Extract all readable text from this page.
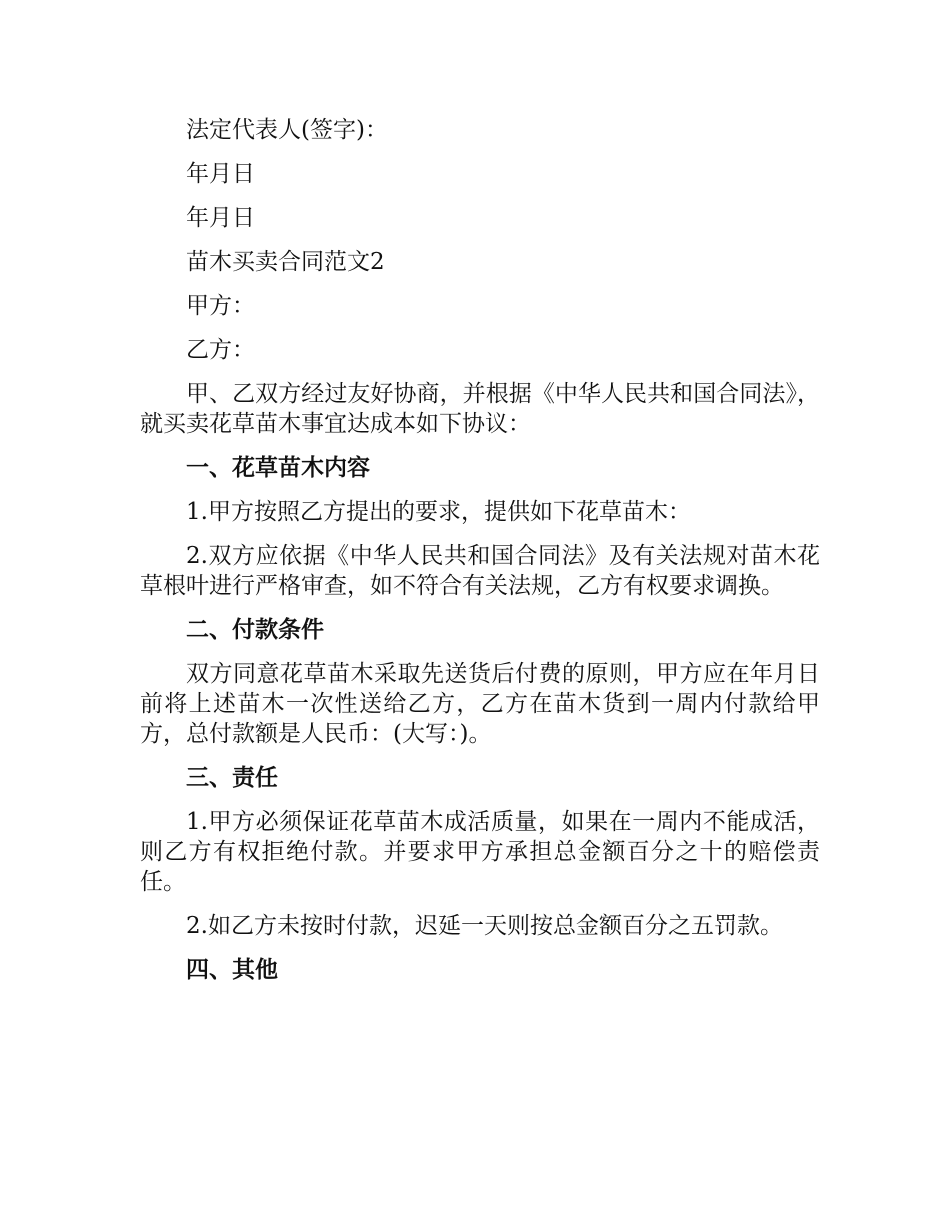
法定代表人(签字)：

年月日

年月日

苗木买卖合同范文2

甲方：

乙方：

甲、乙双方经过友好协商，并根据《中华人民共和国合同法》，就买卖花草苗木事宜达成本如下协议：

一、花草苗木内容

1.甲方按照乙方提出的要求，提供如下花草苗木：

2.双方应依据《中华人民共和国合同法》及有关法规对苗木花草根叶进行严格审查，如不符合有关法规，乙方有权要求调换。

二、付款条件

双方同意花草苗木采取先送货后付费的原则，甲方应在年月日前将上述苗木一次性送给乙方，乙方在苗木货到一周内付款给甲方，总付款额是人民币：(大写：)。

三、责任

1.甲方必须保证花草苗木成活质量，如果在一周内不能成活，则乙方有权拒绝付款。并要求甲方承担总金额百分之十的赔偿责任。

2.如乙方未按时付款，迟延一天则按总金额百分之五罚款。

四、其他
